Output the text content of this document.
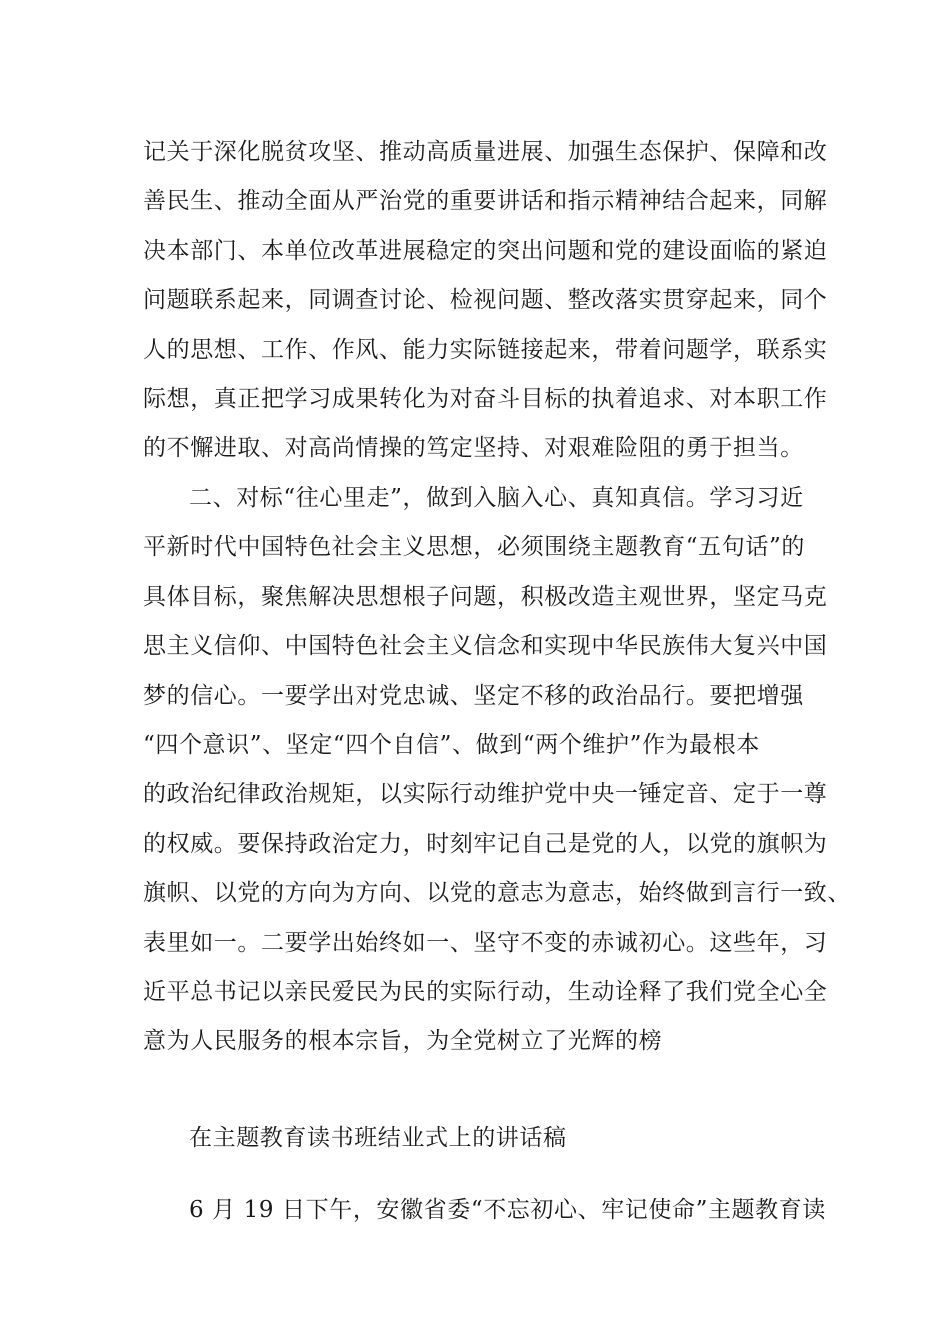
记关于深化脱贫攻坚、推动高质量进展、加强生态保护、保障和改
善民生、推动全面从严治党的重要讲话和指示精神结合起来，同解
决本部门、本单位改革进展稳定的突出问题和党的建设面临的紧迫
问题联系起来，同调查讨论、检视问题、整改落实贯穿起来，同个
人的思想、工作、作风、能力实际链接起来，带着问题学，联系实
际想，真正把学习成果转化为对奋斗目标的执着追求、对本职工作
的不懈进取、对高尚情操的笃定坚持、对艰难险阻的勇于担当。
二、对标“往心里走”，做到入脑入心、真知真信。学习习近
平新时代中国特色社会主义思想，必须围绕主题教育“五句话”的
具体目标，聚焦解决思想根子问题，积极改造主观世界，坚定马克
思主义信仰、中国特色社会主义信念和实现中华民族伟大复兴中国
梦的信心。一要学出对党忠诚、坚定不移的政治品行。要把增强
“四个意识”、坚定“四个自信”、做到“两个维护”作为最根本
的政治纪律政治规矩，以实际行动维护党中央一锤定音、定于一尊
的权威。要保持政治定力，时刻牢记自己是党的人，以党的旗帜为
旗帜、以党的方向为方向、以党的意志为意志，始终做到言行一致、
表里如一。二要学出始终如一、坚守不变的赤诚初心。这些年，习
近平总书记以亲民爱民为民的实际行动，生动诠释了我们党全心全
意为人民服务的根本宗旨，为全党树立了光辉的榜
在主题教育读书班结业式上的讲话稿
6 月 19 日下午，安徽省委“不忘初心、牢记使命”主题教育读
